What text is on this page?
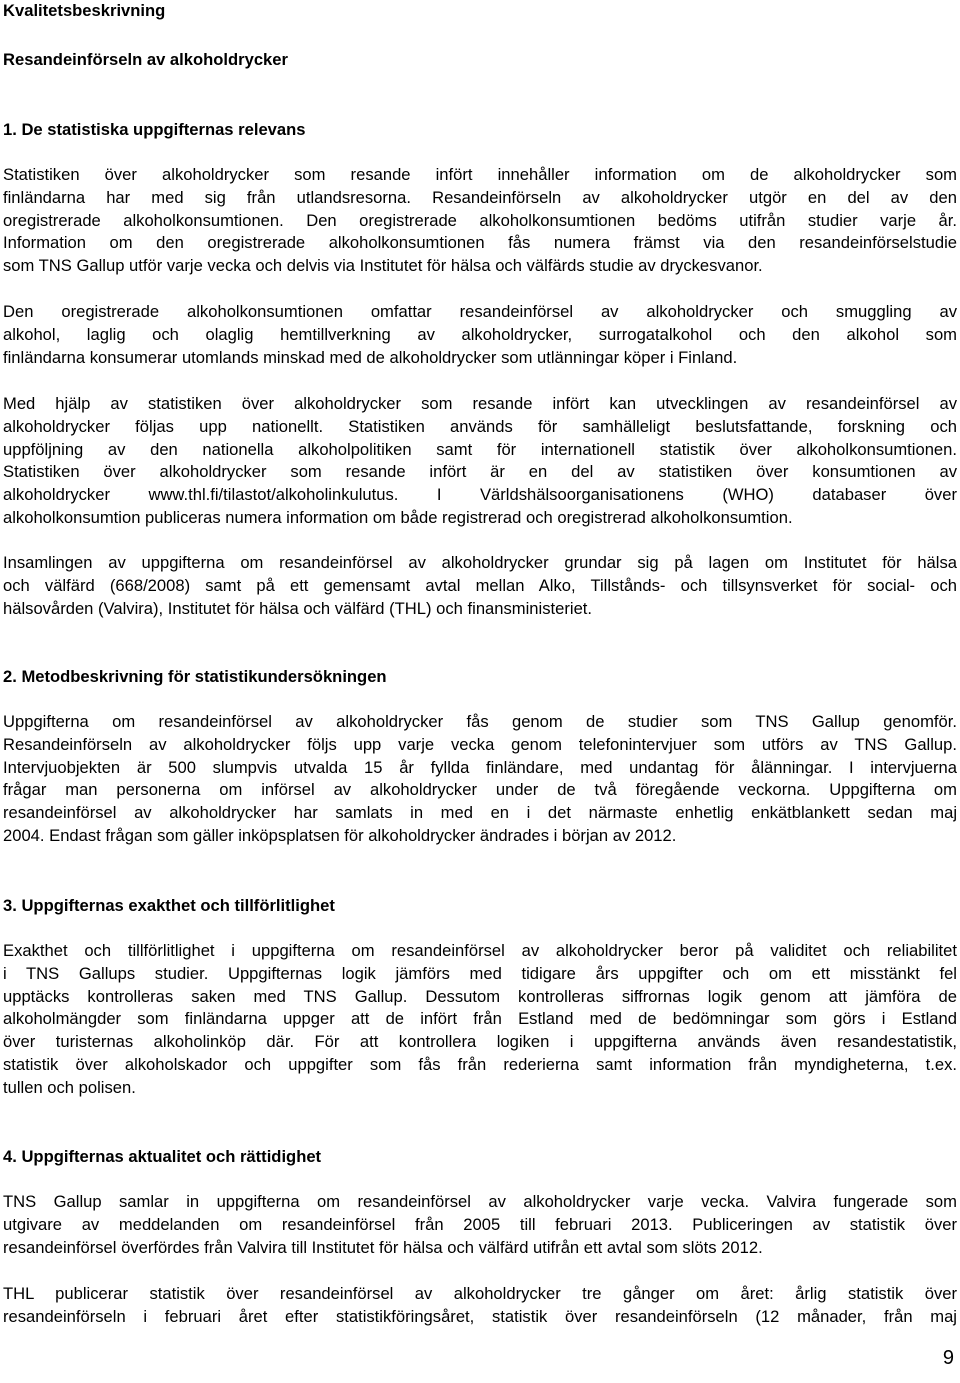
Kvalitetsbeskrivning
Resandeinförseln av alkoholdrycker
1. De statistiska uppgifternas relevans
Statistiken över alkoholdrycker som resande infört innehåller information om de alkoholdrycker som
finländarna har med sig från utlandsresorna. Resandeinförseln av alkoholdrycker utgör en del av den
oregistrerade alkoholkonsumtionen. Den oregistrerade alkoholkonsumtionen bedöms utifrån studier varje år.
Information om den oregistrerade alkoholkonsumtionen fås numera främst via den resandeinförselstudie
som TNS Gallup utför varje vecka och delvis via Institutet för hälsa och välfärds studie av dryckesvanor.
Den oregistrerade alkoholkonsumtionen omfattar resandeinförsel av alkoholdrycker och smuggling av
alkohol, laglig och olaglig hemtillverkning av alkoholdrycker, surrogatalkohol och den alkohol som
finländarna konsumerar utomlands minskad med de alkoholdrycker som utlänningar köper i Finland.
Med hjälp av statistiken över alkoholdrycker som resande infört kan utvecklingen av resandeinförsel av
alkoholdrycker följas upp nationellt. Statistiken används för samhälleligt beslutsfattande, forskning och
uppföljning av den nationella alkoholpolitiken samt för internationell statistik över alkoholkonsumtionen.
Statistiken över alkoholdrycker som resande infört är en del av statistiken över konsumtionen av
alkoholdrycker www.thl.fi/tilastot/alkoholinkulutus. I Världshälsoorganisationens (WHO) databaser över
alkoholkonsumtion publiceras numera information om både registrerad och oregistrerad alkoholkonsumtion.
Insamlingen av uppgifterna om resandeinförsel av alkoholdrycker grundar sig på lagen om Institutet för hälsa
och välfärd (668/2008) samt på ett gemensamt avtal mellan Alko, Tillstånds- och tillsynsverket för social- och
hälsovården (Valvira), Institutet för hälsa och välfärd (THL) och finansministeriet.
2. Metodbeskrivning för statistikundersökningen
Uppgifterna om resandeinförsel av alkoholdrycker fås genom de studier som TNS Gallup genomför.
Resandeinförseln av alkoholdrycker följs upp varje vecka genom telefonintervjuer som utförs av TNS Gallup.
Intervjuobjekten är 500 slumpvis utvalda 15 år fyllda finländare, med undantag för ålänningar. I intervjuerna
frågar man personerna om införsel av alkoholdrycker under de två föregående veckorna. Uppgifterna om
resandeinförsel av alkoholdrycker har samlats in med en i det närmaste enhetlig enkätblankett sedan maj
2004. Endast frågan som gäller inköpsplatsen för alkoholdrycker ändrades i början av 2012.
3. Uppgifternas exakthet och tillförlitlighet
Exakthet och tillförlitlighet i uppgifterna om resandeinförsel av alkoholdrycker beror på validitet och reliabilitet
i TNS Gallups studier. Uppgifternas logik jämförs med tidigare års uppgifter och om ett misstänkt fel
upptäcks kontrolleras saken med TNS Gallup. Dessutom kontrolleras siffrornas logik genom att jämföra de
alkoholmängder som finländarna uppger att de infört från Estland med de bedömningar som görs i Estland
över turisternas alkoholinköp där. För att kontrollera logiken i uppgifterna används även resandestatistik,
statistik över alkoholskador och uppgifter som fås från rederierna samt information från myndigheterna, t.ex.
tullen och polisen.
4. Uppgifternas aktualitet och rättidighet
TNS Gallup samlar in uppgifterna om resandeinförsel av alkoholdrycker varje vecka. Valvira fungerade som
utgivare av meddelanden om resandeinförsel från 2005 till februari 2013. Publiceringen av statistik över
resandeinförsel överfördes från Valvira till Institutet för hälsa och välfärd utifrån ett avtal som slöts 2012.
THL publicerar statistik över resandeinförsel av alkoholdrycker tre gånger om året: årlig statistik över
resandeinförseln i februari året efter statistikföringsåret, statistik över resandeinförseln (12 månader, från maj
9
